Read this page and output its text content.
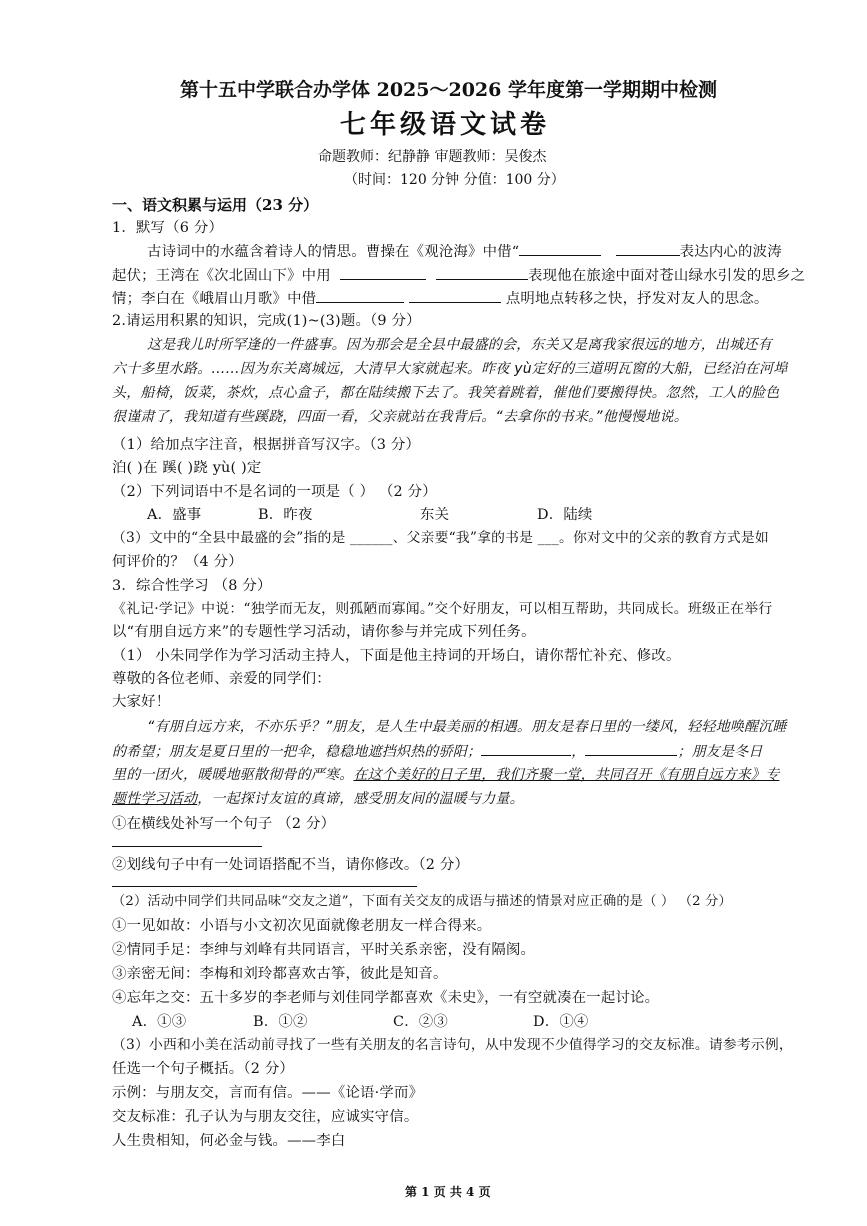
第十五中学联合办学体 2025～2026 学年度第一学期期中检测
七年级语文试卷
命题教师：纪静静 审题教师：吴俊杰
（时间：120 分钟 分值：100 分）
一、语文积累与运用（23 分）
1．默写（6 分）
古诗词中的水蕴含着诗人的情思。曹操在《观沧海》中借“	表达内心的波涛
起伏；王湾在《次北固山下》中用	表现他在旅途中面对苍山绿水引发的思乡之
情；李白在《峨眉山月歌》中借	点明地点转移之快，抒发对友人的思念。
2.请运用积累的知识，完成(1)~(3)题。（9 分）
这是我儿时所罕逢的一件盛事。因为那会是全县中最盛的会，东关又是离我家很远的地方，出城还有
六十多里水路。……因为东关离城远，大清早大家就起来。昨夜 yù定好的三道明瓦窗的大船，已经泊在河埠
头，船椅，饭菜，茶炊，点心盒子，都在陆续搬下去了。我笑着跳着，催他们要搬得快。忽然，工人的脸色
很谨肃了，我知道有些蹊跷，四面一看，父亲就站在我背后。“去拿你的书来。”他慢慢地说。
（1）给加点字注音，根据拼音写汉字。（3 分）
泊( )在 蹊( )跷 yù( )定
（2）下列词语中不是名词的一项是（ ） （2 分）
A．盛事	B．昨夜	东关	D．陆续
（3）文中的“全县中最盛的会”指的是 ______、父亲要“我”拿的书是 ___。你对文中的父亲的教育方式是如
何评价的？（4 分）
3．综合性学习 （8 分）
《礼记·学记》中说：“独学而无友，则孤陋而寡闻。”交个好朋友，可以相互帮助，共同成长。班级正在举行
以“有朋自远方来”的专题性学习活动，请你参与并完成下列任务。
（1） 小朱同学作为学习活动主持人，下面是他主持词的开场白，请你帮忙补充、修改。
尊敬的各位老师、亲爱的同学们：
大家好！
“有朋自远方来，不亦乐乎？”朋友，是人生中最美丽的相遇。朋友是春日里的一缕风，轻轻地唤醒沉睡
的希望；朋友是夏日里的一把伞，稳稳地遮挡炽热的骄阳；	，	；朋友是冬日
里的一团火，暖暖地驱散彻骨的严寒。在这个美好的日子里，我们齐聚一堂，共同召开《有朋自远方来》专
题性学习活动，一起探讨友谊的真谛，感受朋友间的温暖与力量。
①在横线处补写一个句子 （2 分）
②划线句子中有一处词语搭配不当，请你修改。（2 分）
（2）活动中同学们共同品味“交友之道”，下面有关交友的成语与描述的情景对应正确的是（ ） （2 分）
①一见如故：小语与小文初次见面就像老朋友一样合得来。
②情同手足：李绅与刘峰有共同语言，平时关系亲密，没有隔阂。
③亲密无间：李梅和刘玲都喜欢古筝，彼此是知音。
④忘年之交：五十多岁的李老师与刘佳同学都喜欢《未史》，一有空就凑在一起讨论。
A．①③	B．①②	C．②③	D．①④
（3）小西和小美在活动前寻找了一些有关朋友的名言诗句，从中发现不少值得学习的交友标准。请参考示例，
任选一个句子概括。（2 分）
示例：与朋友交，言而有信。——《论语·学而》
交友标准：孔子认为与朋友交往，应诚实守信。
人生贵相知，何必金与钱。——李白
第 1 页 共 4 页
